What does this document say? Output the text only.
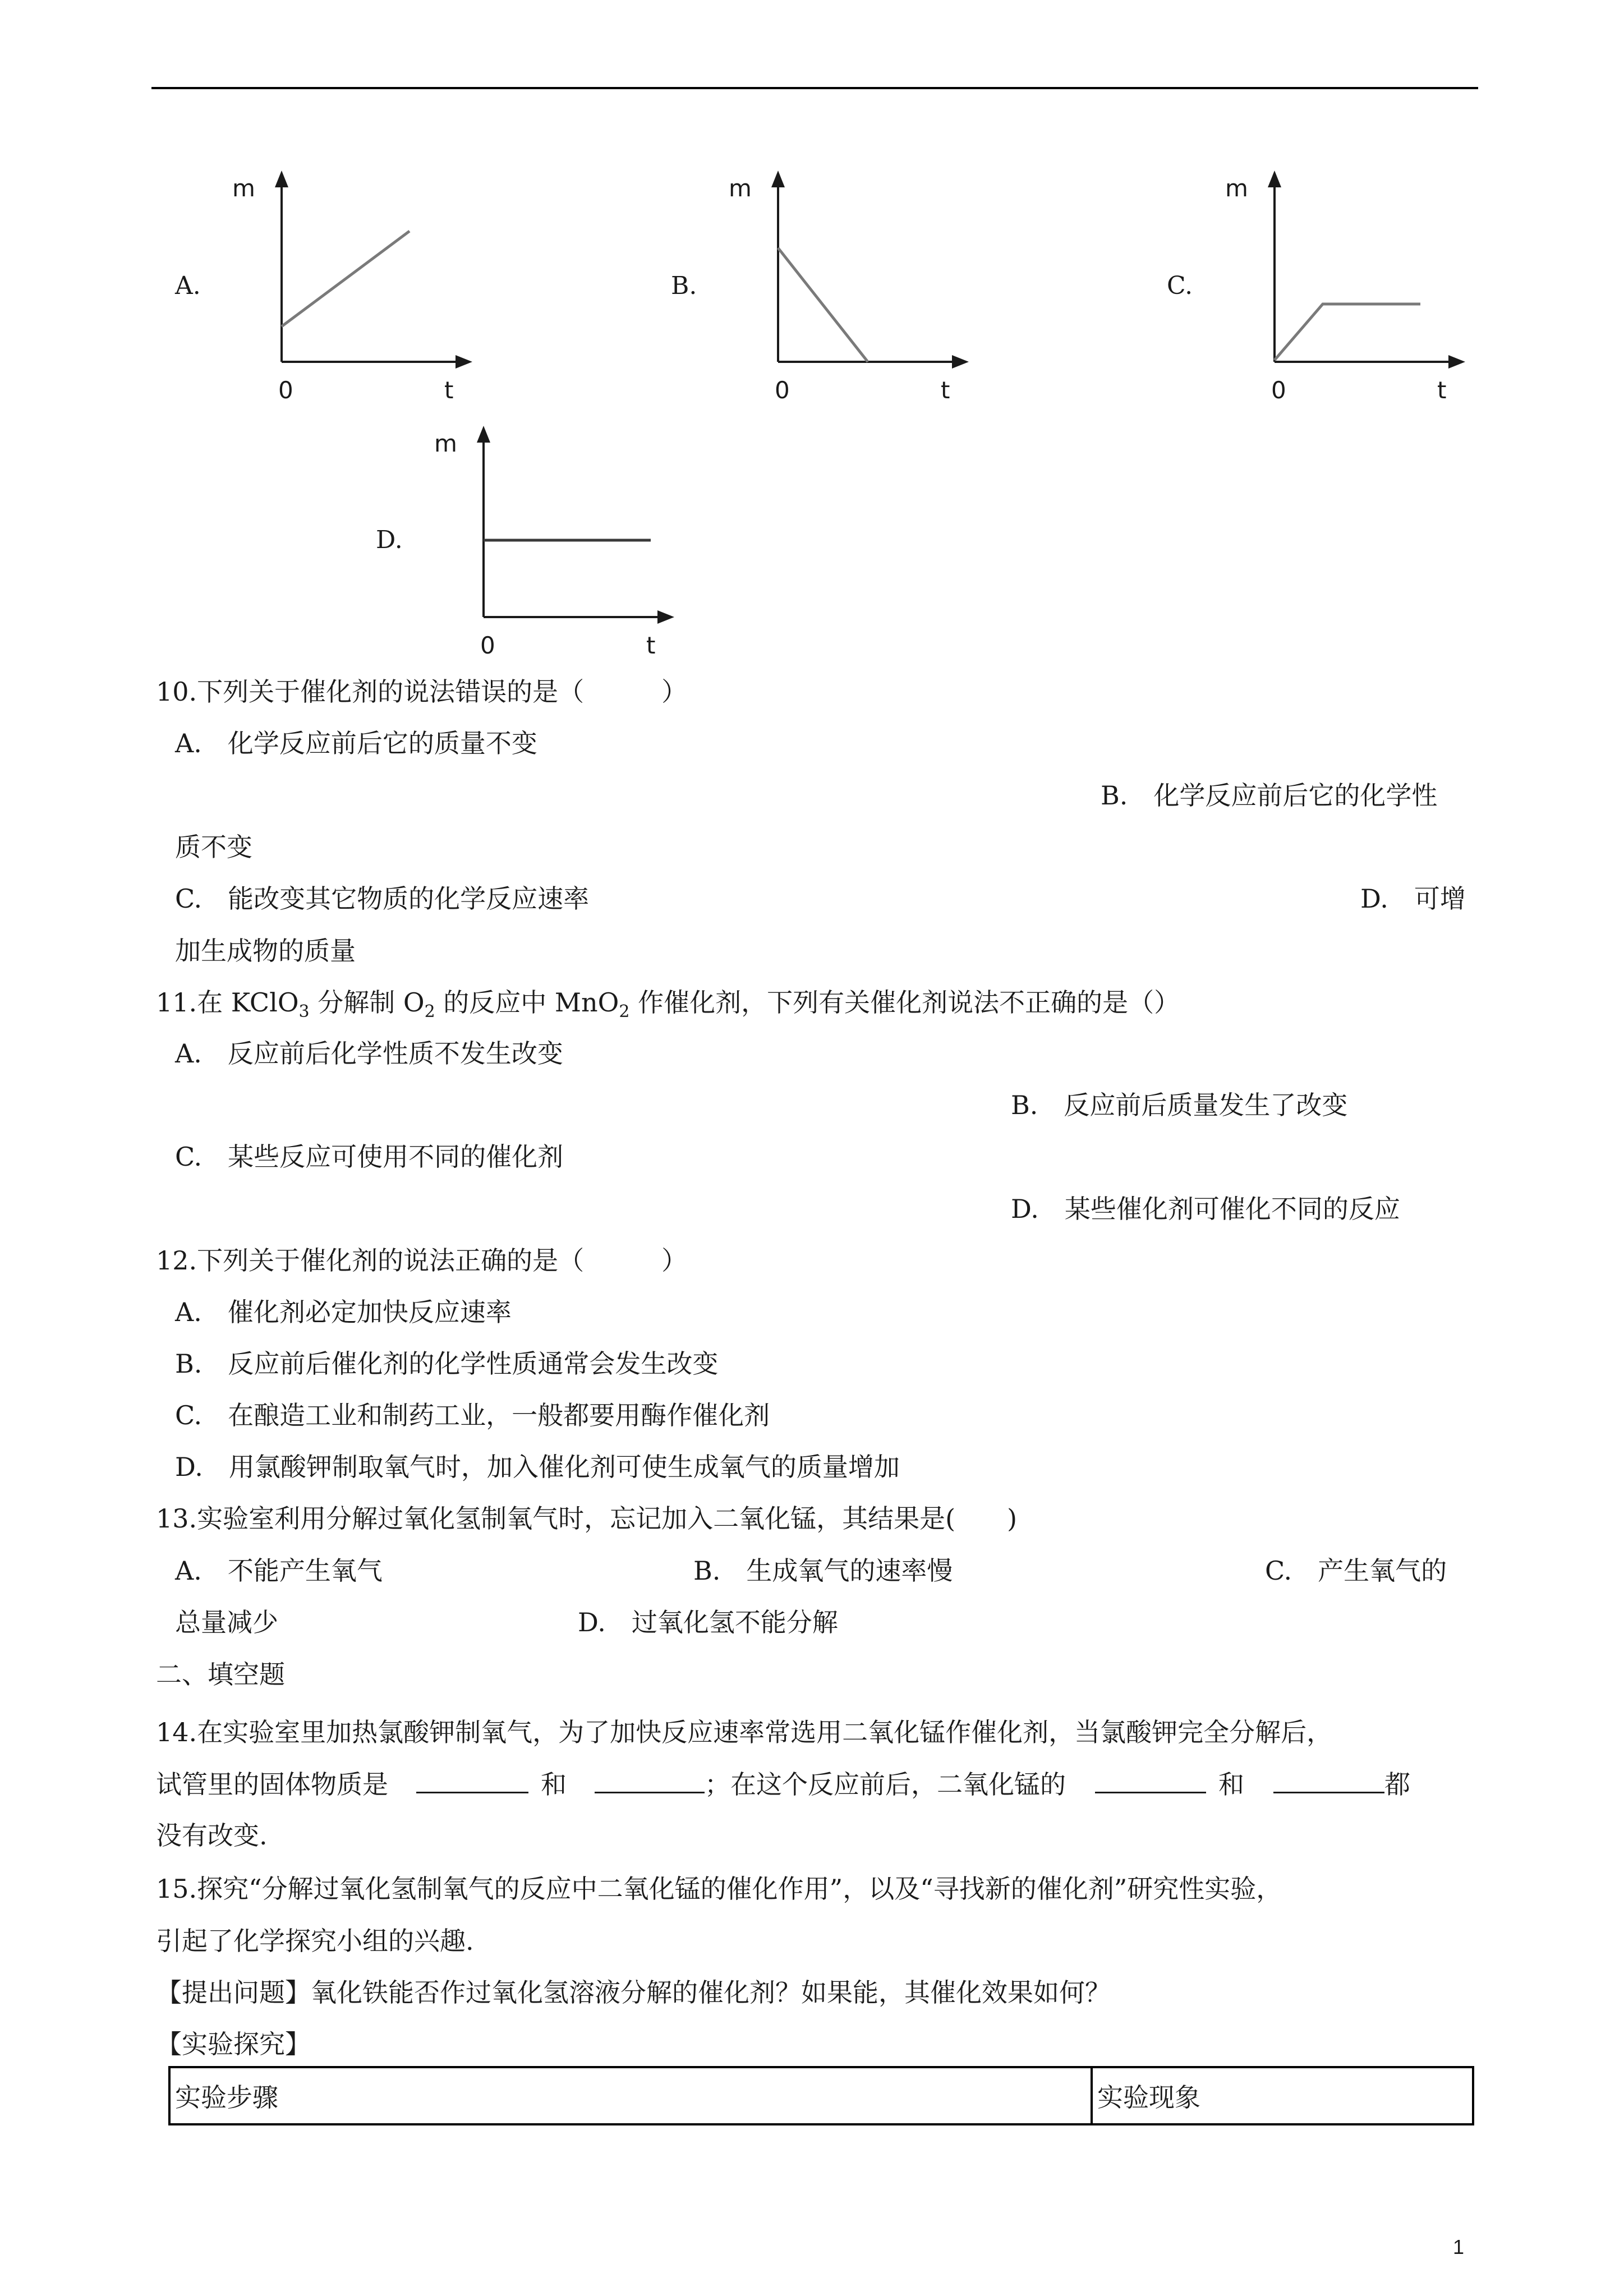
A.
m
0	t
B.
m
0	t
C.
m
0	t
D.
m
0	t
10.下列关于催化剂的说法错误的是（　　　）
A.　化学反应前后它的质量不变
B.　化学反应前后它的化学性
质不变
C.　能改变其它物质的化学反应速率	D.　可增
加生成物的质量
11.在 KClO$_3$ 分解制 $O_2$ 的反应中 MnO$_2$ 作催化剂，下列有关催化剂说法不正确的是（）
A.　反应前后化学性质不发生改变
B.　反应前后质量发生了改变
C.　某些反应可使用不同的催化剂
D.　某些催化剂可催化不同的反应
12.下列关于催化剂的说法正确的是（　　　）
A.　催化剂必定加快反应速率
B.　反应前后催化剂的化学性质通常会发生改变
C.　在酿造工业和制药工业，一般都要用酶作催化剂
D.　用氯酸钾制取氧气时，加入催化剂可使生成氧气的质量增加
13.实验室利用分解过氧化氢制氧气时，忘记加入二氧化锰，其结果是(　　)
A.　不能产生氧气	B.　生成氧气的速率慢	C.　产生氧气的
总量减少	D.　过氧化氢不能分解
二、填空题
14.在实验室里加热氯酸钾制氧气，为了加快反应速率常选用二氧化锰作催化剂，当氯酸钾完全分解后，
试管里的固体物质是	和	；在这个反应前后，二氧化锰的	和	都
没有改变.
15.探究“分解过氧化氢制氧气的反应中二氧化锰的催化作用”，以及“寻找新的催化剂”研究性实验，
引起了化学探究小组的兴趣.
【提出问题】氧化铁能否作过氧化氢溶液分解的催化剂？如果能，其催化效果如何？
【实验探究】
实验步骤	实验现象
1
